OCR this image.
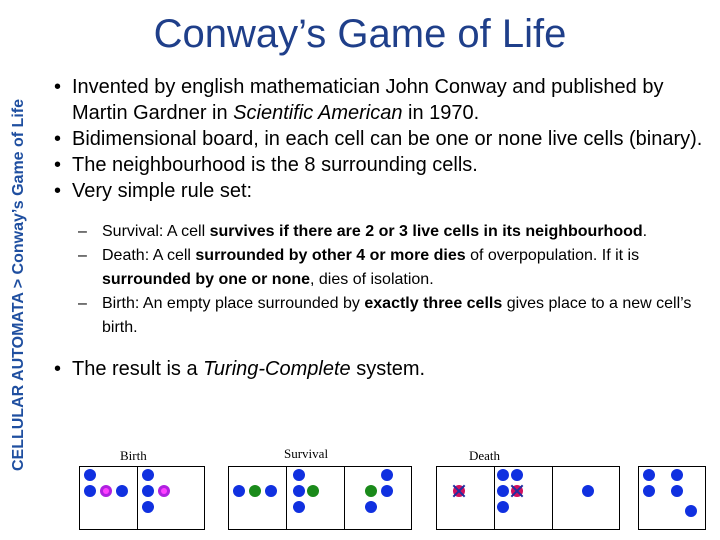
CELLULAR AUTOMATA > Conway’s Game of Life
Conway’s Game of Life

• Invented by english mathematician John Conway and published by Martin Gardner in Scientific American in 1970.

• Bidimensional board, in each cell can be one or none live cells (binary).

• The neighbourhood is the 8 surrounding cells.

• Very simple rule set:

– Survival: A cell survives if there are 2 or 3 live cells in its neighbourhood.

– Death: A cell surrounded by other 4 or more dies of overpopulation. If it is surrounded by one or none, dies of isolation.

– Birth: An empty place surrounded by exactly three cells gives place to a new cell’s birth.

• The result is a Turing-Complete system.

Birth	Survival	Death
